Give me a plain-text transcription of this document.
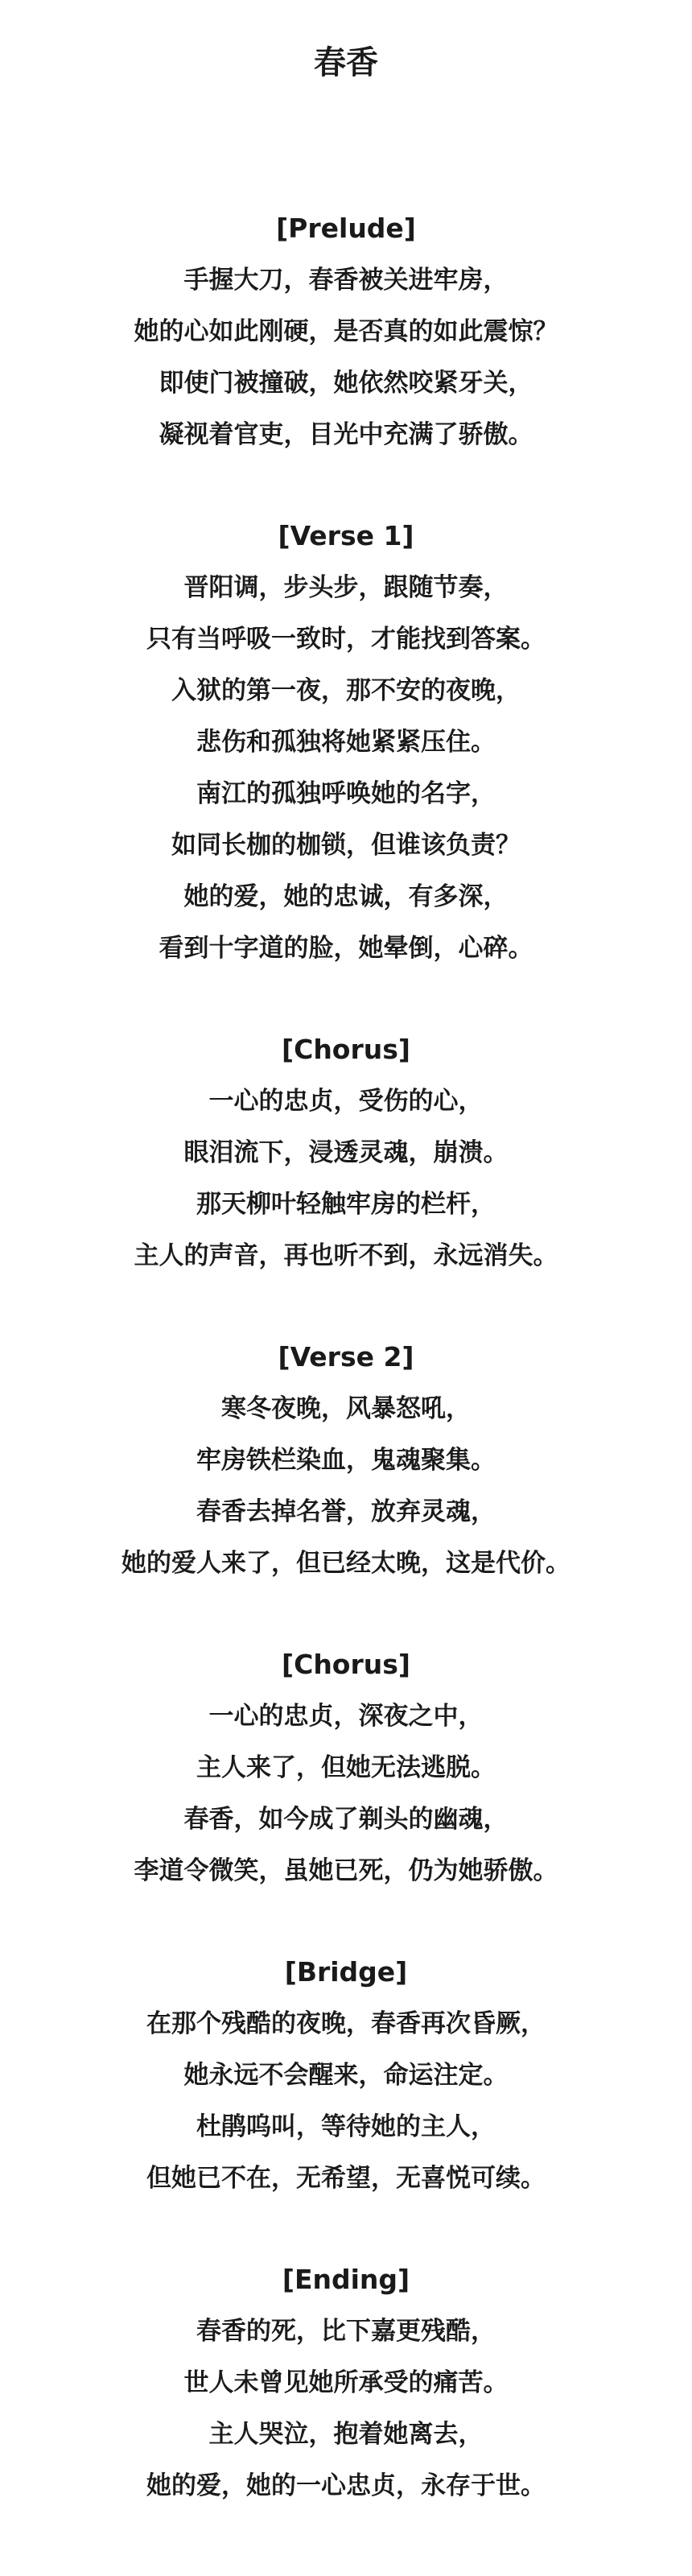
春香

[Prelude]

手握大刀，春香被关进牢房，

她的心如此刚硬，是否真的如此震惊？

即使门被撞破，她依然咬紧牙关，

凝视着官吏，目光中充满了骄傲。

[Verse 1]

晋阳调，步头步，跟随节奏，

只有当呼吸一致时，才能找到答案。

入狱的第一夜，那不安的夜晚，

悲伤和孤独将她紧紧压住。

南江的孤独呼唤她的名字，

如同长枷的枷锁，但谁该负责？

她的爱，她的忠诚，有多深，

看到十字道的脸，她晕倒，心碎。

[Chorus]

一心的忠贞，受伤的心，

眼泪流下，浸透灵魂，崩溃。

那天柳叶轻触牢房的栏杆，

主人的声音，再也听不到，永远消失。

[Verse 2]

寒冬夜晚，风暴怒吼，

牢房铁栏染血，鬼魂聚集。

春香去掉名誉，放弃灵魂，

她的爱人来了，但已经太晚，这是代价。

[Chorus]

一心的忠贞，深夜之中，

主人来了，但她无法逃脱。

春香，如今成了剃头的幽魂，

李道令微笑，虽她已死，仍为她骄傲。

[Bridge]

在那个残酷的夜晚，春香再次昏厥，

她永远不会醒来，命运注定。

杜鹃呜叫，等待她的主人，

但她已不在，无希望，无喜悦可续。

[Ending]

春香的死，比下嘉更残酷，

世人未曾见她所承受的痛苦。

主人哭泣，抱着她离去，

她的爱，她的一心忠贞，永存于世。
